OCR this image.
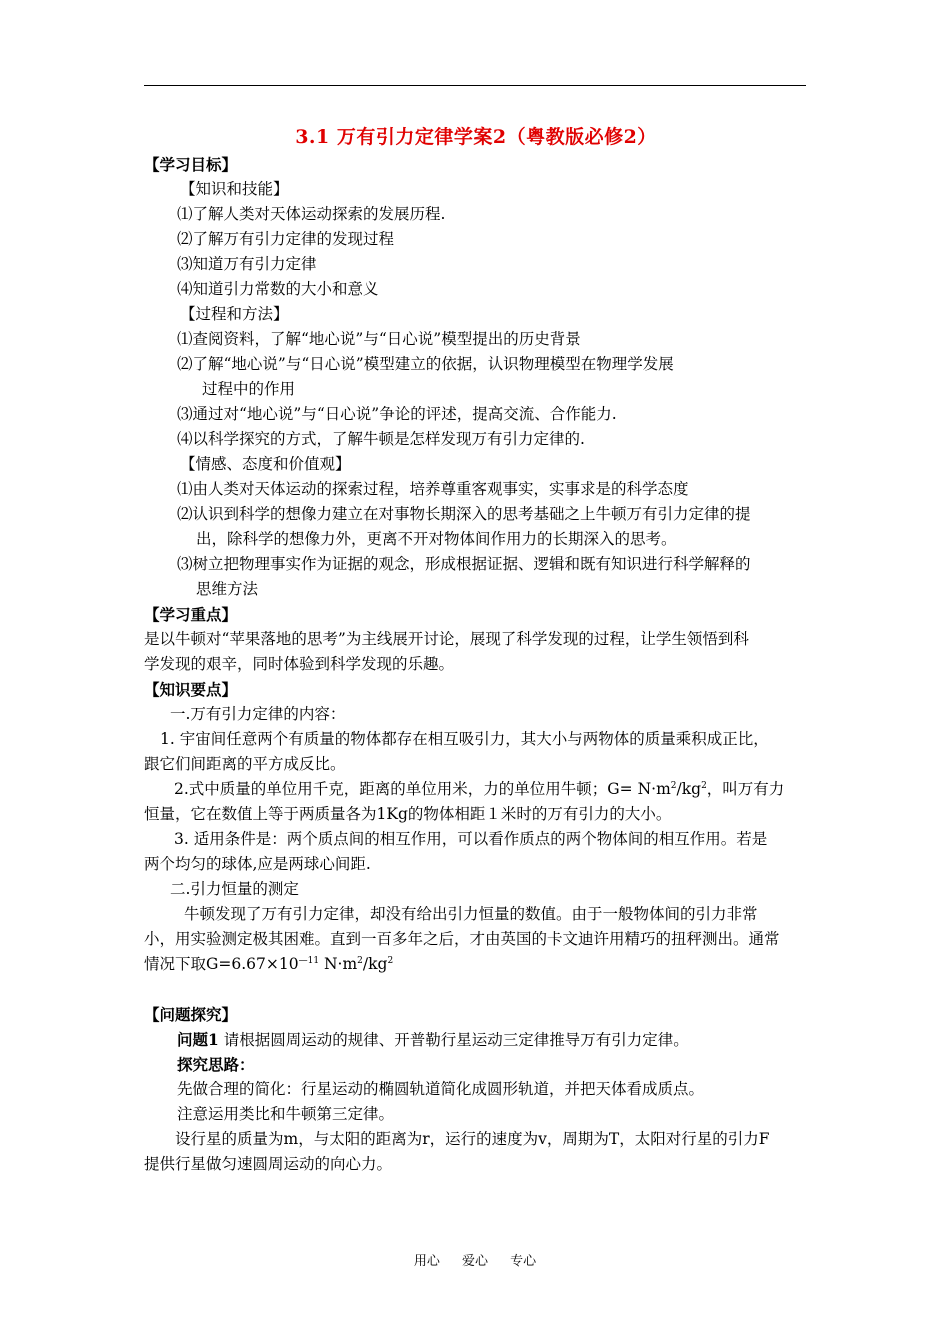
3.1 万有引力定律学案2（粤教版必修2）
【学习目标】
【知识和技能】
⑴了解人类对天体运动探索的发展历程.
⑵了解万有引力定律的发现过程
⑶知道万有引力定律
⑷知道引力常数的大小和意义
【过程和方法】
⑴查阅资料，了解“地心说”与“日心说”模型提出的历史背景
⑵了解“地心说”与“日心说”模型建立的依据，认识物理模型在物理学发展
过程中的作用
⑶通过对“地心说”与“日心说”争论的评述，提高交流、合作能力.
⑷以科学探究的方式，了解牛顿是怎样发现万有引力定律的.
【情感、态度和价值观】
⑴由人类对天体运动的探索过程，培养尊重客观事实，实事求是的科学态度
⑵认识到科学的想像力建立在对事物长期深入的思考基础之上牛顿万有引力定律的提
出，除科学的想像力外，更离不开对物体间作用力的长期深入的思考。
⑶树立把物理事实作为证据的观念，形成根据证据、逻辑和既有知识进行科学解释的
思维方法
【学习重点】
是以牛顿对“苹果落地的思考”为主线展开讨论，展现了科学发现的过程，让学生领悟到科
学发现的艰辛，同时体验到科学发现的乐趣。
【知识要点】
一.万有引力定律的内容：
1. 宇宙间任意两个有质量的物体都存在相互吸引力，其大小与两物体的质量乘积成正比，
跟它们间距离的平方成反比。
2.式中质量的单位用千克，距离的单位用米，力的单位用牛顿；$G= N\cdot m^2/kg^2$，叫万有力
恒量，它在数值上等于两质量各为1Kg的物体相距１米时的万有引力的大小。
3. 适用条件是：两个质点间的相互作用，可以看作质点的两个物体间的相互作用。若是
两个均匀的球体,应是两球心间距.
二.引力恒量的测定
牛顿发现了万有引力定律，却没有给出引力恒量的数值。由于一般物体间的引力非常
小，用实验测定极其困难。直到一百多年之后，才由英国的卡文迪许用精巧的扭秤测出。通常
情况下取$G=6.67\times 10^{—11}$ $N\cdot m^2/kg^2$
【问题探究】
问题1 请根据圆周运动的规律、开普勒行星运动三定律推导万有引力定律。
探究思路：
先做合理的简化：行星运动的椭圆轨道简化成圆形轨道，并把天体看成质点。
注意运用类比和牛顿第三定律。
设行星的质量为m，与太阳的距离为r，运行的速度为v，周期为T，太阳对行星的引力F
提供行星做匀速圆周运动的向心力。
用心 爱心 专心
